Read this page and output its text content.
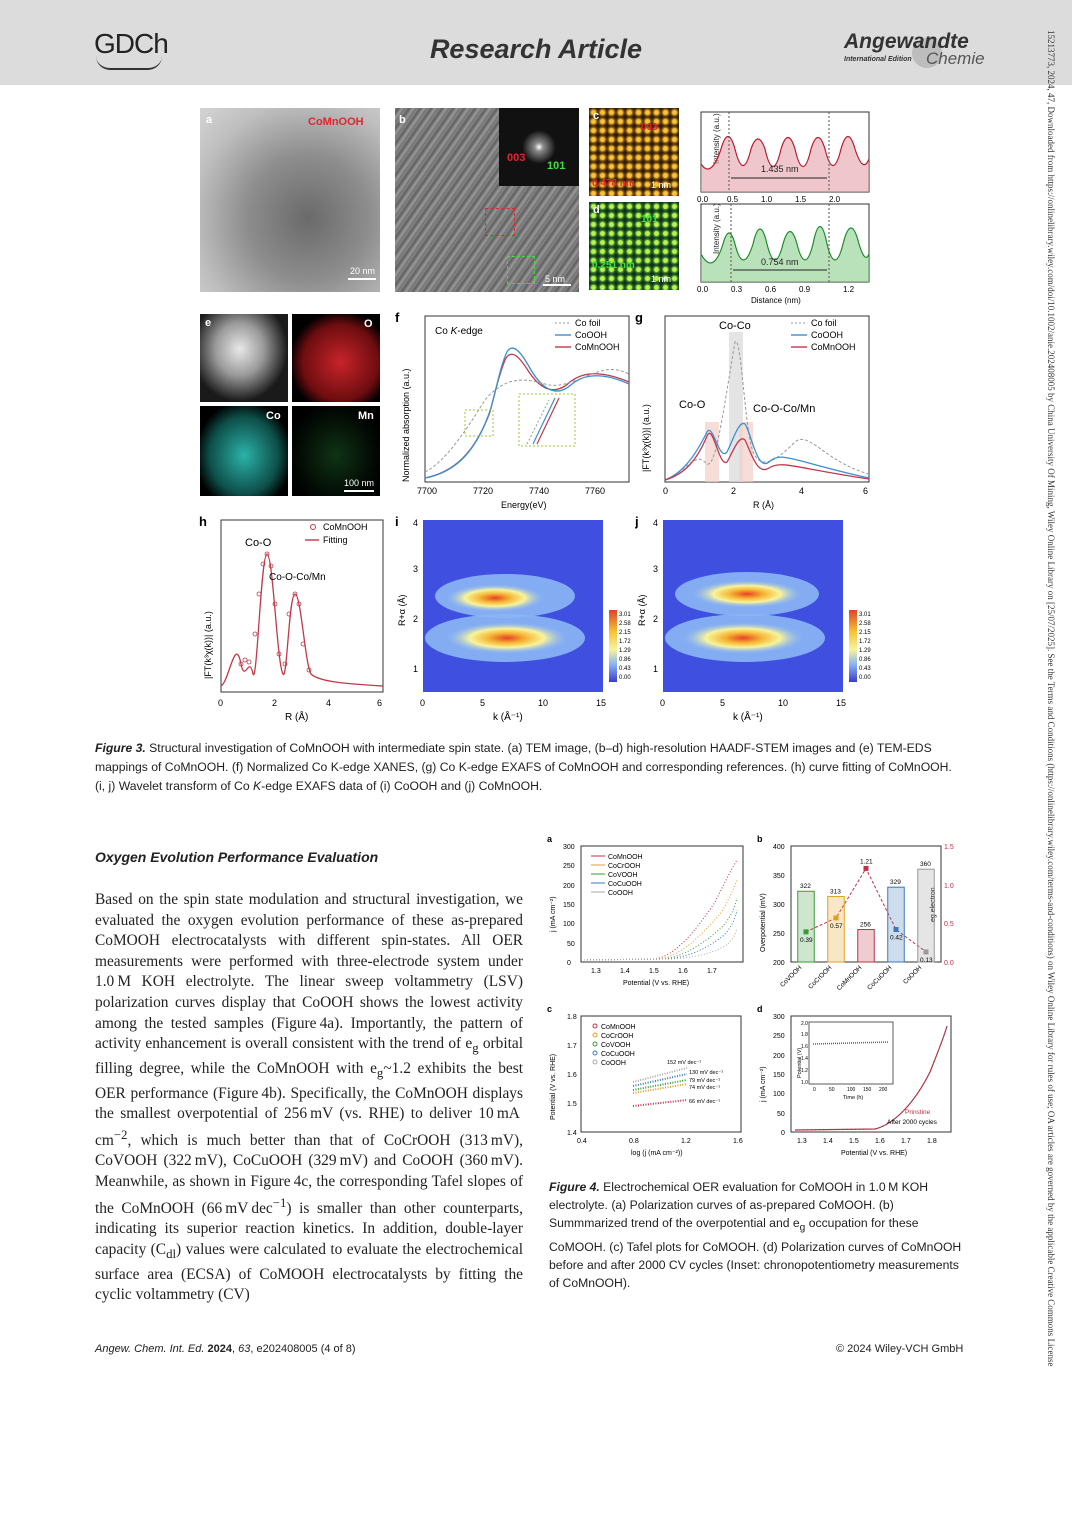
GDCh	Research Article	Angewandte
International Edition Chemie	15213773, 2024, 47, Downloaded from https://onlinelibrary.wiley.com/doi/10.1002/anie.202408005 by China University Of Mining, Wiley Online Library on [25/07/2025]. See the Terms and Conditions (https://onlinelibrary.wiley.com/terms-and-conditions) on Wiley Online Library for rules of use; OA articles are governed by the applicable Creative Commons License
a	CoMnOOH
20 nm
b
003
101
5 nm
c
003
0.478 nm 1 nm
d
101
0.251 nm
1 nm
Intensity (a.u.)
1.435 nm
0.0 0.5	1.0	1.5	2.0
Intensity (a.u.)
0.754 nm
0.0	0.3	0.6	0.9	1.2
Distance (nm)
e	O
Co	Mn
100 nm
f
Normalized absorption (a.u.)
Co K-edge
Co foil
CoOOH
CoMnOOH
7700	7720	7740	7760
Energy(eV)
g
|FT(k³χ(k))| (a.u.)
Co-Co
Co-O	Co-O-Co/Mn
Co foil
CoOOH
CoMnOOH
0	2	4	6
R (Å)
h
|FT(k³χ(k))| (a.u.)
Co-O
Co-O-Co/Mn
CoMnOOH
Fitting
0	2	4	6
R (Å)
i
R+α (Å)	3.01
2.58
2.15
1.72
1.29
0.86
0.43
0.00
1
2
3
4
0	5	10	15
k (Å⁻¹)
j
R+α (Å)	3.01
2.58
2.15
1.72
1.29
0.86
0.43
0.00
1
2
3
4
0	5	10	15
k (Å⁻¹)
Figure 3. Structural investigation of CoMnOOH with intermediate spin state. (a) TEM image, (b–d) high-resolution HAADF-STEM images and (e) TEM-EDS mappings of CoMnOOH. (f) Normalized Co K-edge XANES, (g) Co K-edge EXAFS of CoMnOOH and corresponding references. (h) curve fitting of CoMnOOH. (i, j) Wavelet transform of Co K-edge EXAFS data of (i) CoOOH and (j) CoMnOOH.
Oxygen Evolution Performance Evaluation
Based on the spin state modulation and structural investigation, we evaluated the oxygen evolution performance of these as-prepared CoMOOH electrocatalysts with different spin-states. All OER measurements were performed with three-electrode system under 1.0 M KOH electrolyte. The linear sweep voltammetry (LSV) polarization curves display that CoOOH shows the lowest activity among the tested samples (Figure 4a). Importantly, the pattern of activity enhancement is overall consistent with the trend of $e_g$ orbital filling degree, while the CoMnOOH with $e_g\sim 1.2$ exhibits the best OER performance (Figure 4b). Specifically, the CoMnOOH displays the smallest overpotential of 256 mV (vs. RHE) to deliver 10 mA $cm^{-2}$, which is much better than that of CoCrOOH (313 mV), CoVOOH (322 mV), CoCuOOH (329 mV) and CoOOH (360 mV). Meanwhile, as shown in Figure 4c, the corresponding Tafel slopes of the CoMnOOH (66 mV dec$^{-1}$) is smaller than other counterparts, indicating its superior reaction kinetics. In addition, double-layer capacity $(C_{dl})$ values were calculated to evaluate the electrochemical surface area (ECSA) of CoMOOH electrocatalysts by fitting the cyclic voltammetry (CV)
a
j (mA cm⁻²)
0
50
100
150
200
250
300
CoMnOOH
CoCrOOH
CoVOOH
CoCuOOH
CoOOH
1.3	1.4	1.5	1.6	1.7
Potential (V vs. RHE)
b
Overpotential (mV)	eg electron
200
250
300
350
400
0.0
0.5
1.0
1.5
322
0.39
CoVOOH
313
0.57
CoCrOOH
256
1.21
CoMnOOH
329
0.42
CoCuOOH
360
0.13
CoOOH
c
Potential (V vs. RHE)
1.4
1.5
1.6
1.7
1.8
152 mV dec⁻¹
130 mV dec⁻¹
79 mV dec⁻¹
74 mV dec⁻¹
66 mV dec⁻¹
CoMnOOH
CoCrOOH
CoVOOH
CoCuOOH
CoOOH
0.4	0.8	1.2	1.6
log (j (mA cm⁻²))
d
j (mA cm⁻²)
0
50
100
150
200
250
300
Potential (V)
1.0
1.2
1.4
1.6
1.8
2.0
0	50 100 150 200
Time (h)
Prinstine
After 2000 cycles
1.3 1.4 1.5 1.6 1.7 1.8
Potential (V vs. RHE)
Figure 4. Electrochemical OER evaluation for CoMOOH in 1.0 M KOH electrolyte. (a) Polarization curves of as-prepared CoMOOH. (b) Summmarized trend of the overpotential and $e_g$ occupation for these CoMOOH. (c) Tafel plots for CoMOOH. (d) Polarization curves of CoMnOOH before and after 2000 CV cycles (Inset: chronopotentiometry measurements of CoMnOOH).
Angew. Chem. Int. Ed. 2024, 63, e202408005 (4 of 8)	© 2024 Wiley-VCH GmbH
